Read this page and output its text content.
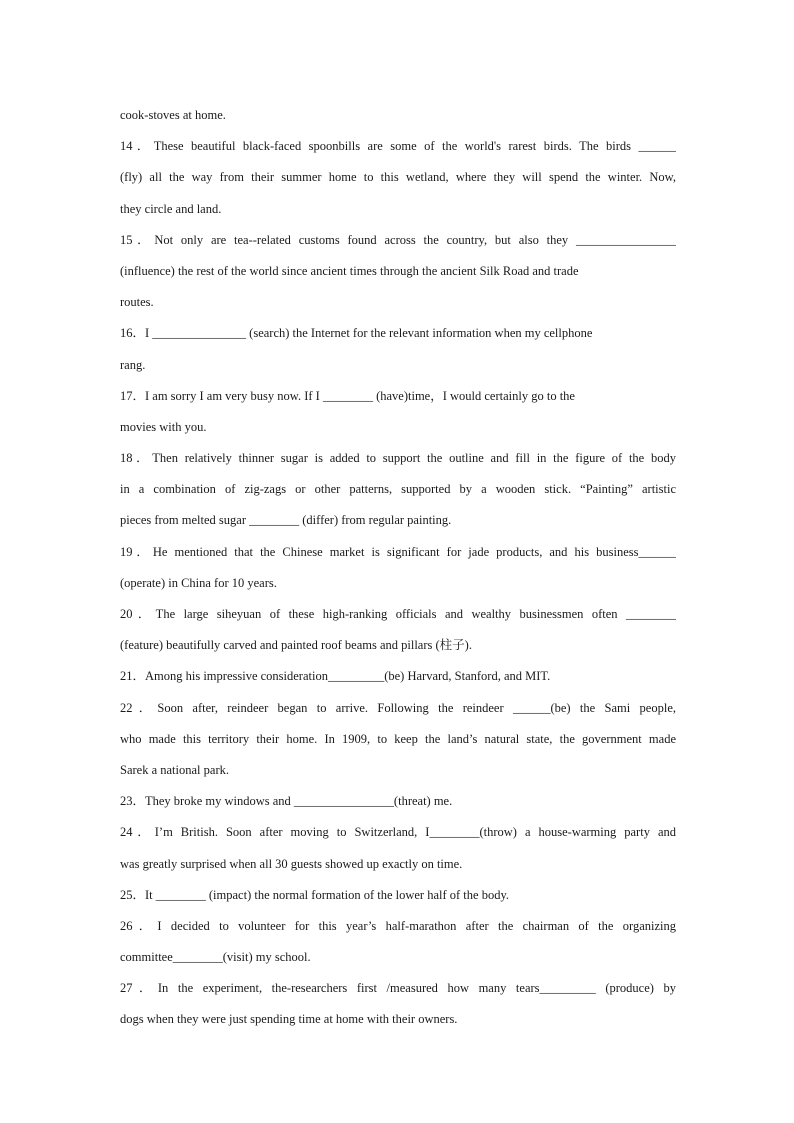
cook-stoves at home.
14．These beautiful black-faced spoonbills are some of the world's rarest birds. The birds ______
(fly) all the way from their summer home to this wetland, where they will spend the winter. Now,
they circle and land.
15．Not only are tea--related customs found across the country, but also they ________________
(influence) the rest of the world since ancient times through the ancient Silk Road and trade
routes.
16．I _______________ (search) the Internet for the relevant information when my cellphone
rang.
17．I am sorry I am very busy now. If I ________ (have)time，I would certainly go to the
movies with you.
18．Then relatively thinner sugar is added to support the outline and fill in the figure of the body
in a combination of zig-zags or other patterns, supported by a wooden stick. “Painting” artistic
pieces from melted sugar ________ (differ) from regular painting.
19．He mentioned that the Chinese market is significant for jade products, and his business______
(operate) in China for 10 years.
20．The large siheyuan of these high-ranking officials and wealthy businessmen often ________
(feature) beautifully carved and painted roof beams and pillars (柱子).
21．Among his impressive consideration_________(be) Harvard, Stanford, and MIT.
22．Soon after, reindeer began to arrive. Following the reindeer ______(be) the Sami people,
who made this territory their home. In 1909, to keep the land’s natural state, the government made
Sarek a national park.
23．They broke my windows and ________________(threat) me.
24．I’m British. Soon after moving to Switzerland, I________(throw) a house-warming party and
was greatly surprised when all 30 guests showed up exactly on time.
25．It ________ (impact) the normal formation of the lower half of the body.
26．I decided to volunteer for this year’s half-marathon after the chairman of the organizing
committee________(visit) my school.
27．In the experiment, the-researchers first /measured how many tears_________ (produce) by
dogs when they were just spending time at home with their owners.
